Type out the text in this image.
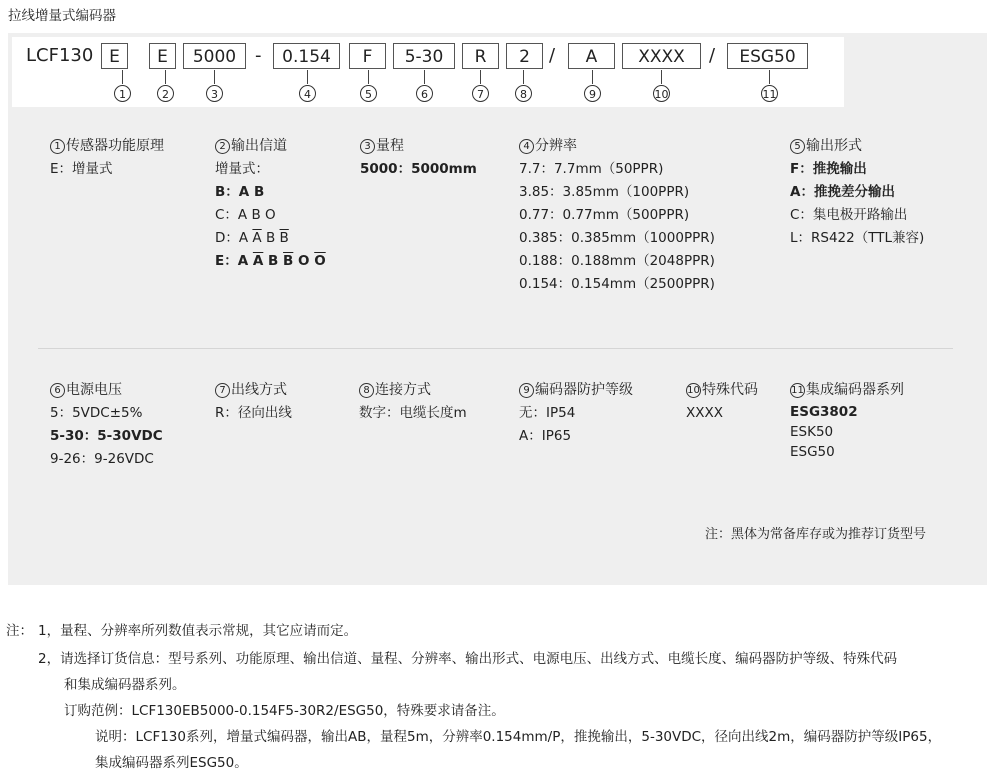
拉线增量式编码器
LCF130 E	E	5000	-	0.154	F	5-30	R	2	/	A	XXXX	/	ESG50
1	2	3	4	5	6	7	8	9	10	11
1 传感器功能原理
E：增量式
2 输出信道
增量式：
B：A B
C：A B O
D：A $\overline{A}$ B $\overline{B}$
E：A $\overline{A}$ B $\overline{B}$ O $\overline{O}$
3 量程
5000：5000mm
4 分辨率
7.7：7.7mm（50PPR)
3.85：3.85mm（100PPR)
0.77：0.77mm（500PPR)
0.385：0.385mm（1000PPR)
0.188：0.188mm（2048PPR)
0.154：0.154mm（2500PPR)
5 输出形式
F：推挽输出
A：推挽差分输出
C：集电极开路输出
L：RS422（TTL兼容)
6 电源电压
5：5VDC±5%
5-30：5-30VDC
9-26：9-26VDC
7 出线方式
R：径向出线
8 连接方式
数字：电缆长度m
9 编码器防护等级
无：IP54
A：IP65
10 特殊代码
XXXX
11 集成编码器系列
ESG3802
ESK50
ESG50
注：黑体为常备库存或为推荐订货型号
注： 1，量程、分辨率所列数值表示常规，其它应请而定。
2，请选择订货信息：型号系列、功能原理、输出信道、量程、分辨率、输出形式、电源电压、出线方式、电缆长度、编码器防护等级、特殊代码
和集成编码器系列。
订购范例：LCF130EB5000-0.154F5-30R2/ESG50，特殊要求请备注。
说明：LCF130系列，增量式编码器，输出AB，量程5m，分辨率0.154mm/P，推挽输出，5-30VDC，径向出线2m，编码器防护等级IP65，
集成编码器系列ESG50。
